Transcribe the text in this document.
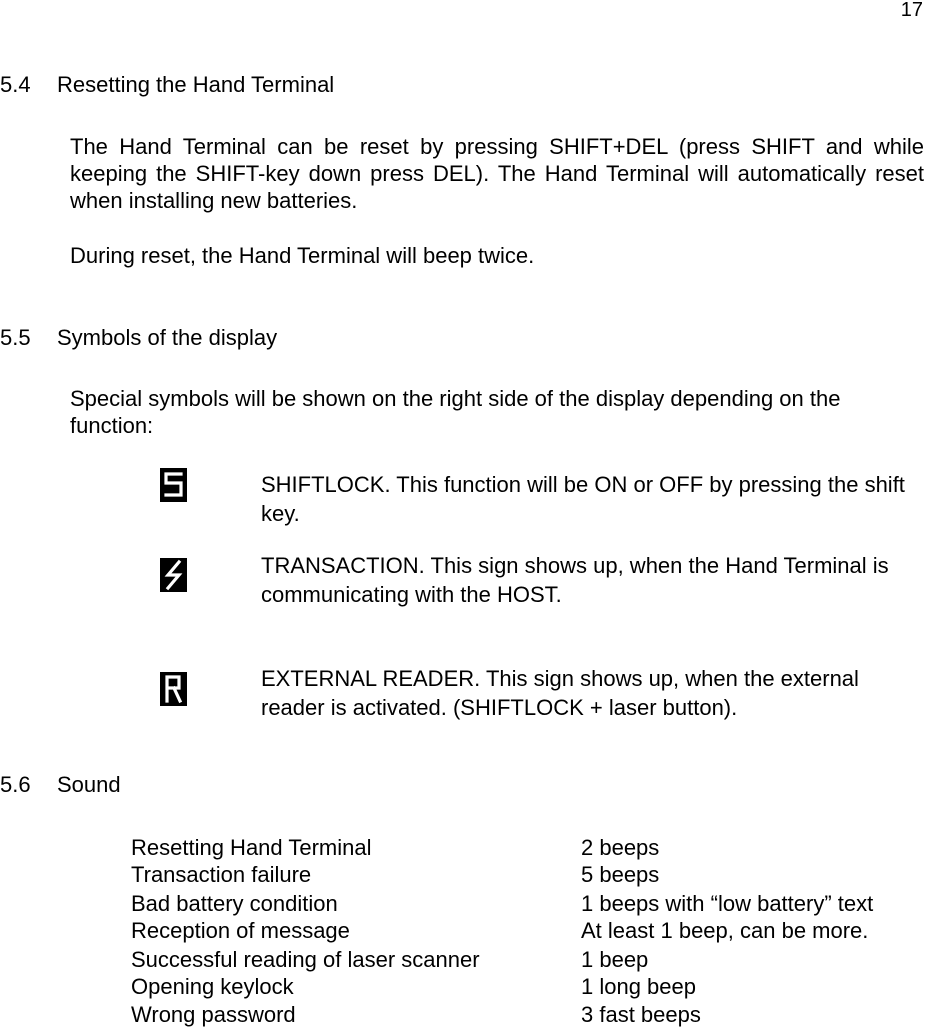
17
5.4 Resetting the Hand Terminal
The Hand Terminal can be reset by pressing SHIFT+DEL (press SHIFT and while keeping the SHIFT-key down press DEL). The Hand Terminal will automatically reset when installing new batteries.
During reset, the Hand Terminal will beep twice.
5.5 Symbols of the display
Special symbols will be shown on the right side of the display depending on the function:
SHIFTLOCK. This function will be ON or OFF by pressing the shift key.
TRANSACTION. This sign shows up, when the Hand Terminal is communicating with the HOST.
EXTERNAL READER. This sign shows up, when the external reader is activated. (SHIFTLOCK + laser button).
5.6 Sound
Resetting Hand Terminal	2 beeps
Transaction failure	5 beeps
Bad battery condition	1 beeps with “low battery” text
Reception of message	At least 1 beep, can be more.
Successful reading of laser scanner	1 beep
Opening keylock	1 long beep
Wrong password	3 fast beeps
